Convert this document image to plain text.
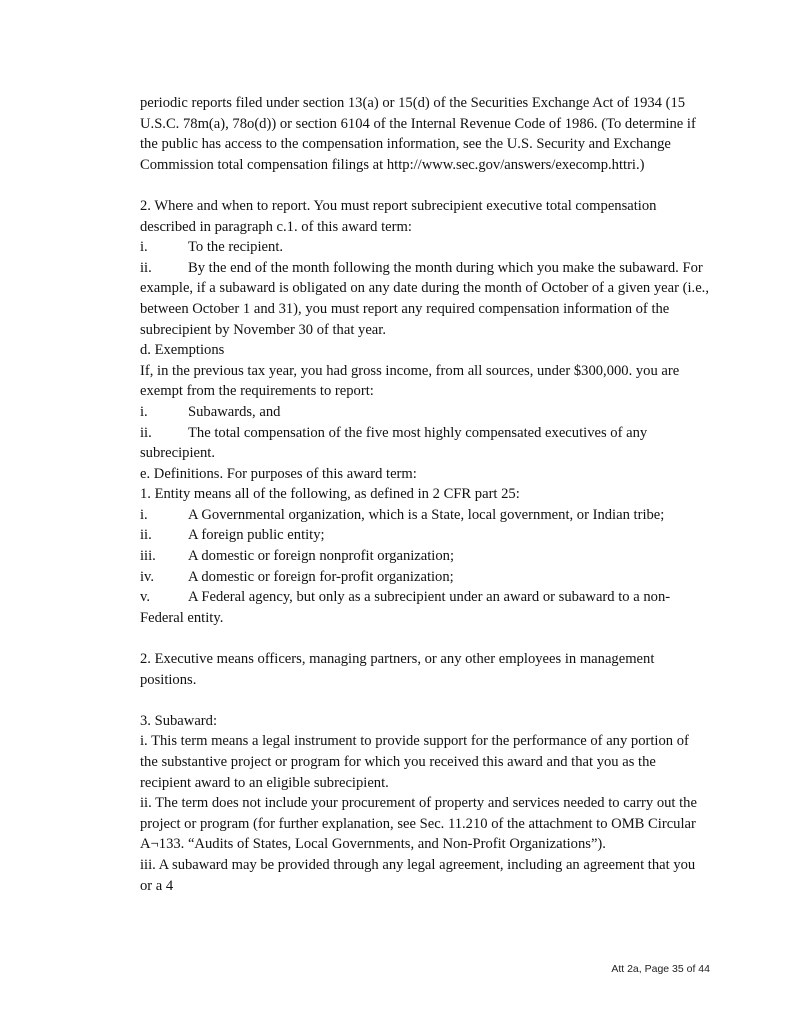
periodic reports filed under section 13(a) or 15(d) of the Securities Exchange Act of 1934 (15 U.S.C. 78m(a), 78o(d)) or section 6104 of the Internal Revenue Code of 1986. (To determine if the public has access to the compensation information, see the U.S. Security and Exchange Commission total compensation filings at http://www.sec.gov/answers/execomp.httri.)

2. Where and when to report. You must report subrecipient executive total compensation described in paragraph c.1. of this award term:

i.	To the recipient.

ii. By the end of the month following the month during which you make the subaward. For example, if a subaward is obligated on any date during the month of October of a given year (i.e., between October 1 and 31), you must report any required compensation information of the subrecipient by November 30 of that year.

d. Exemptions

If, in the previous tax year, you had gross income, from all sources, under $300,000. you are exempt from the requirements to report:

i.	Subawards, and

ii. The total compensation of the five most highly compensated executives of any subrecipient.

e. Definitions. For purposes of this award term:

1. Entity means all of the following, as defined in 2 CFR part 25:

i.	A Governmental organization, which is a State, local government, or Indian tribe;

ii. A foreign public entity;

iii. A domestic or foreign nonprofit organization;

iv. A domestic or foreign for-profit organization;

v.	A Federal agency, but only as a subrecipient under an award or subaward to a non-Federal entity.

2. Executive means officers, managing partners, or any other employees in management positions.

3. Subaward:

i. This term means a legal instrument to provide support for the performance of any portion of the substantive project or program for which you received this award and that you as the recipient award to an eligible subrecipient.

ii. The term does not include your procurement of property and services needed to carry out the project or program (for further explanation, see Sec. 11.210 of the attachment to OMB Circular A¬133. “Audits of States, Local Governments, and Non-Profit Organizations”).

iii. A subaward may be provided through any legal agreement, including an agreement that you or a 4

Att 2a, Page 35 of 44
